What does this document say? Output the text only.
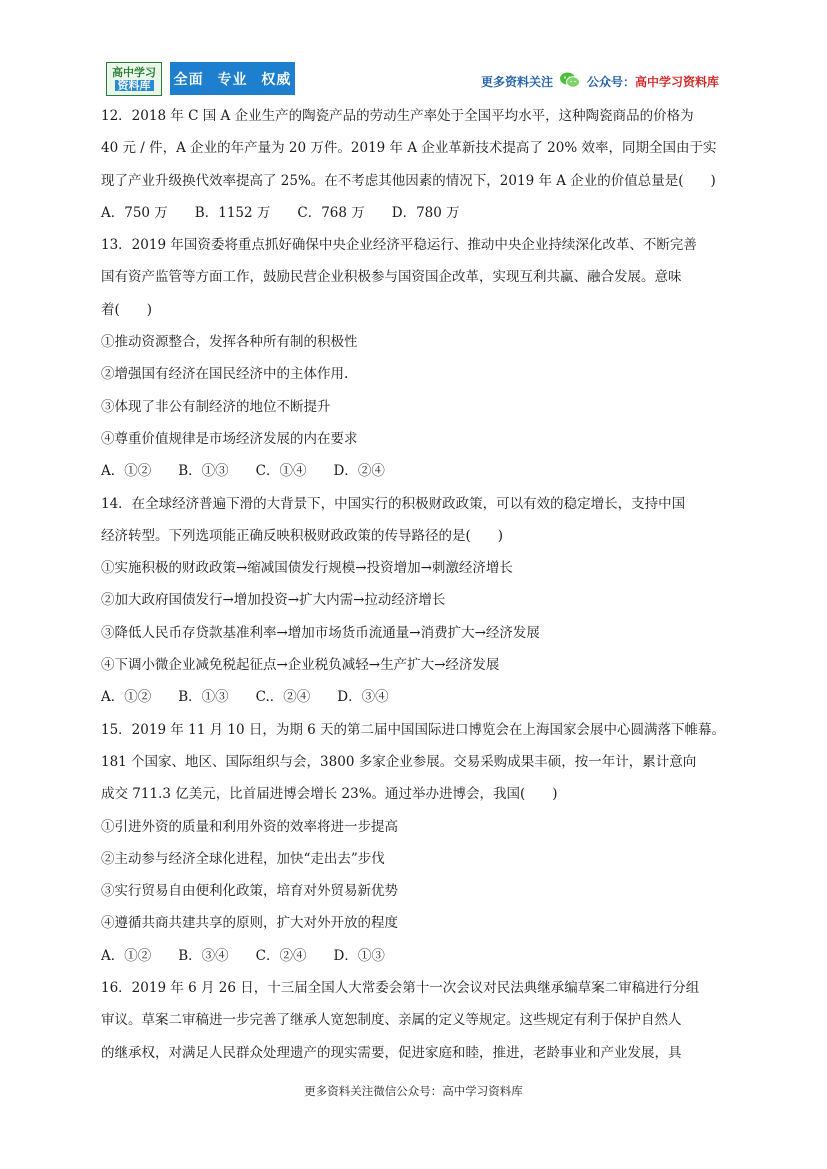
高中学习
资料库 全面 专业 权威	更多资料关注	公众号： 高中学习资料库
12．2018 年 C 国 A 企业生产的陶瓷产品的劳动生产率处于全国平均水平，这种陶瓷商品的价格为
40 元 / 件，A 企业的年产量为 20 万件。2019 年 A 企业革新技术提高了 20% 效率，同期全国由于实
现了产业升级换代效率提高了 25%。在不考虑其他因素的情况下，2019 年 A 企业的价值总量是(　　)
A．750 万　　B．1152 万　　C．768 万　　D．780 万
13．2019 年国资委将重点抓好确保中央企业经济平稳运行、推动中央企业持续深化改革、不断完善
国有资产监管等方面工作，鼓励民营企业积极参与国资国企改革，实现互利共赢、融合发展。意味
着(　　)
①推动资源整合，发挥各种所有制的积极性
②增强国有经济在国民经济中的主体作用.
③体现了非公有制经济的地位不断提升
④尊重价值规律是市场经济发展的内在要求
A．①②　　B．①③　　C．①④　　D．②④
14．在全球经济普遍下滑的大背景下，中国实行的积极财政政策，可以有效的稳定增长，支持中国
经济转型。下列选项能正确反映积极财政政策的传导路径的是(　　)
①实施积极的财政政策→缩减国债发行规模→投资增加→刺激经济增长
②加大政府国债发行→增加投资→扩大内需→拉动经济增长
③降低人民币存贷款基准利率→增加市场货币流通量→消费扩大→经济发展
④下调小微企业减免税起征点→企业税负减轻→生产扩大→经济发展
A．①②　　B．①③　　C.．②④　　D．③④
15．2019 年 11 月 10 日，为期 6 天的第二届中国国际进口博览会在上海国家会展中心圆满落下帷幕。
181 个国家、地区、国际组织与会，3800 多家企业参展。交易采购成果丰硕，按一年计，累计意向
成交 711.3 亿美元，比首届进博会增长 23%。通过举办进博会，我国(　　)
①引进外资的质量和利用外资的效率将进一步提高
②主动参与经济全球化进程，加快“走出去”步伐
③实行贸易自由便利化政策，培育对外贸易新优势
④遵循共商共建共享的原则，扩大对外开放的程度
A．①②　　B．③④　　C．②④　　D．①③
16．2019 年 6 月 26 日，十三届全国人大常委会第十一次会议对民法典继承编草案二审稿进行分组
审议。草案二审稿进一步完善了继承人宽恕制度、亲属的定义等规定。这些规定有利于保护自然人
的继承权，对满足人民群众处理遗产的现实需要，促进家庭和睦，推进，老龄事业和产业发展，具
更多资料关注微信公众号：高中学习资料库
